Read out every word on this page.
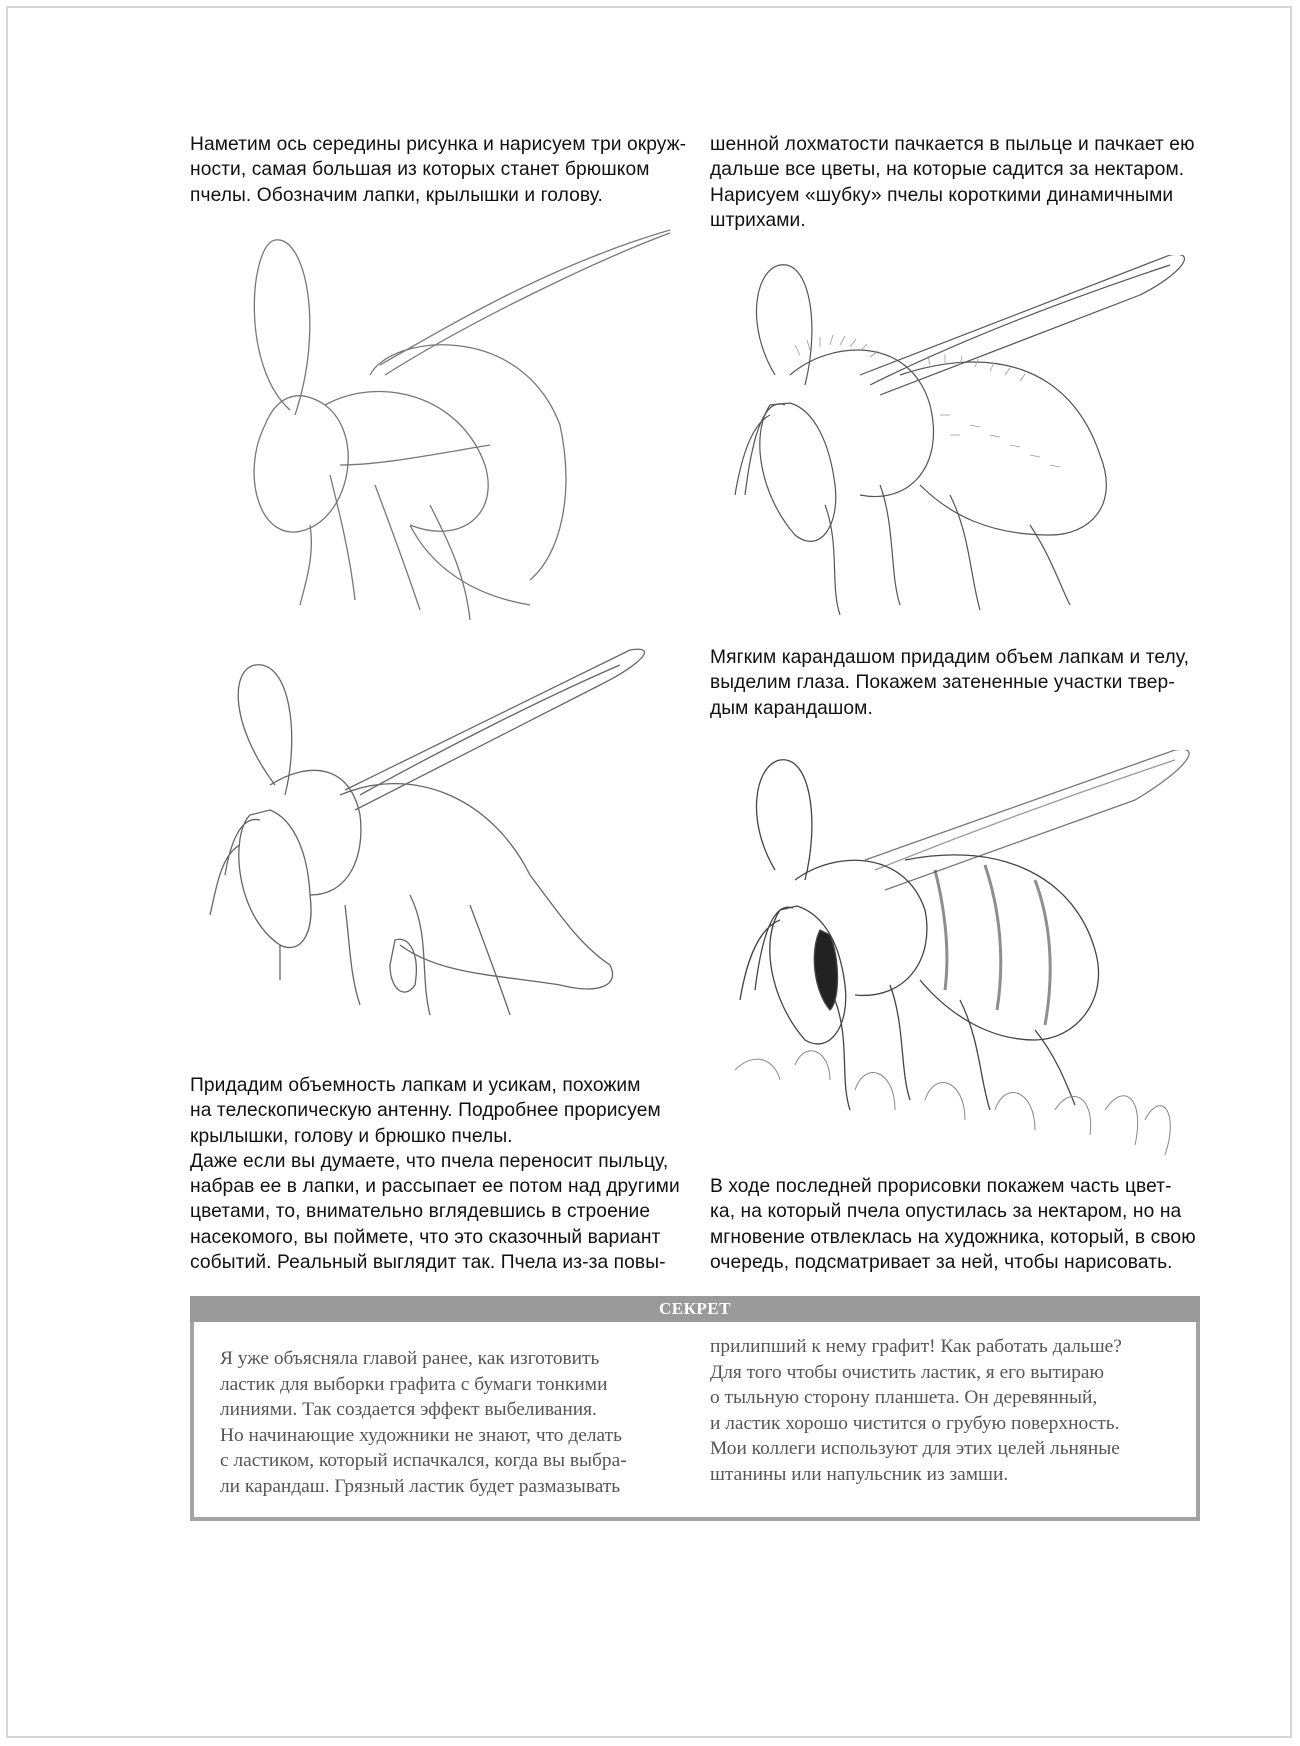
Наметим ось середины рисунка и нарисуем три окруж-
ности, самая большая из которых станет брюшком
пчелы. Обозначим лапки, крылышки и голову.
шенной лохматости пачкается в пыльце и пачкает ею
дальше все цветы, на которые садится за нектаром.
Нарисуем «шубку» пчелы короткими динамичными
штрихами.
Мягким карандашом придадим объем лапкам и телу,
выделим глаза. Покажем затененные участки твер-
дым карандашом.
Придадим объемность лапкам и усикам, похожим
на телескопическую антенну. Подробнее прорисуем
крылышки, голову и брюшко пчелы.
Даже если вы думаете, что пчела переносит пыльцу,
набрав ее в лапки, и рассыпает ее потом над другими
цветами, то, внимательно вглядевшись в строение
насекомого, вы поймете, что это сказочный вариант
событий. Реальный выглядит так. Пчела из-за повы-
В ходе последней прорисовки покажем часть цвет-
ка, на который пчела опустилась за нектаром, но на
мгновение отвлеклась на художника, который, в свою
очередь, подсматривает за ней, чтобы нарисовать.
СЕКРЕТ
Я уже объясняла главой ранее, как изготовить
ластик для выборки графита с бумаги тонкими
линиями. Так создается эффект выбеливания.
Но начинающие художники не знают, что делать
с ластиком, который испачкался, когда вы выбра-
ли карандаш. Грязный ластик будет размазывать
прилипший к нему графит! Как работать дальше?
Для того чтобы очистить ластик, я его вытираю
о тыльную сторону планшета. Он деревянный,
и ластик хорошо чистится о грубую поверхность.
Мои коллеги используют для этих целей льняные
штанины или напульсник из замши.
